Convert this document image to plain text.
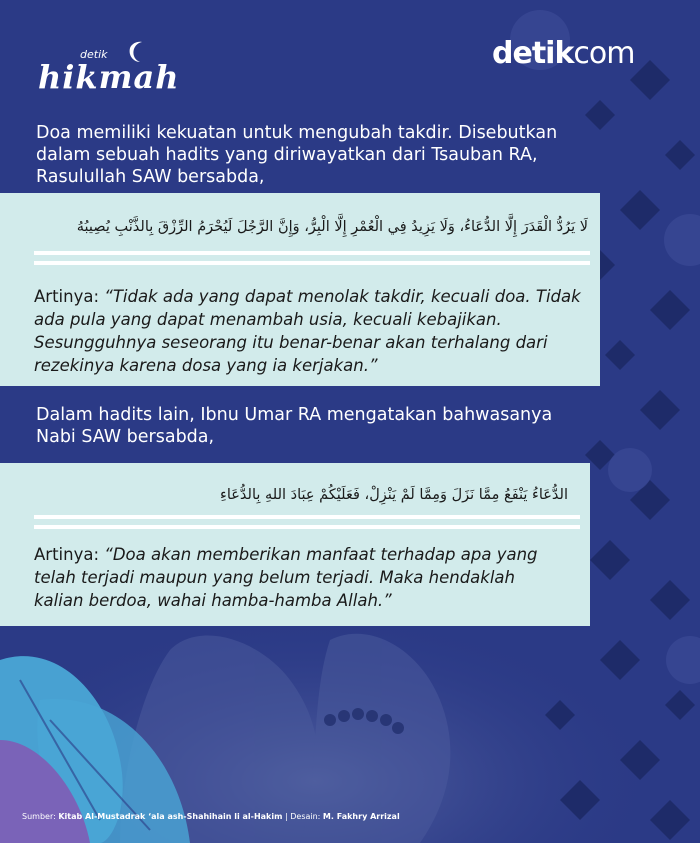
detik
hikmah
detikcom
Doa memiliki kekuatan untuk mengubah takdir. Disebutkan dalam sebuah hadits yang diriwayatkan dari Tsauban RA, Rasulullah SAW bersabda,
لَا يَرُدُّ الْقَدَرَ إِلَّا الدُّعَاءُ، وَلَا يَزِيدُ فِي الْعُمْرِ إِلَّا الْبِرُّ، وَإِنَّ الرَّجُلَ لَيُحْرَمُ الرِّزْقَ بِالذَّنْبِ يُصِيبُهُ
Artinya: “Tidak ada yang dapat menolak takdir, kecuali doa. Tidak ada pula yang dapat menambah usia, kecuali kebajikan. Sesungguhnya seseorang itu benar-benar akan terhalang dari rezekinya karena dosa yang ia kerjakan.”
Dalam hadits lain, Ibnu Umar RA mengatakan bahwasanya Nabi SAW bersabda,
الدُّعَاءُ يَنْفَعُ مِمَّا نَزَلَ وَمِمَّا لَمْ يَنْزِلْ، فَعَلَيْكُمْ عِبَادَ اللهِ بِالدُّعَاءِ
Artinya: “Doa akan memberikan manfaat terhadap apa yang telah terjadi maupun yang belum terjadi. Maka hendaklah kalian berdoa, wahai hamba-hamba Allah.”
Sumber: Kitab Al-Mustadrak ‘ala ash-Shahihain li al-Hakim | Desain: M. Fakhry Arrizal
